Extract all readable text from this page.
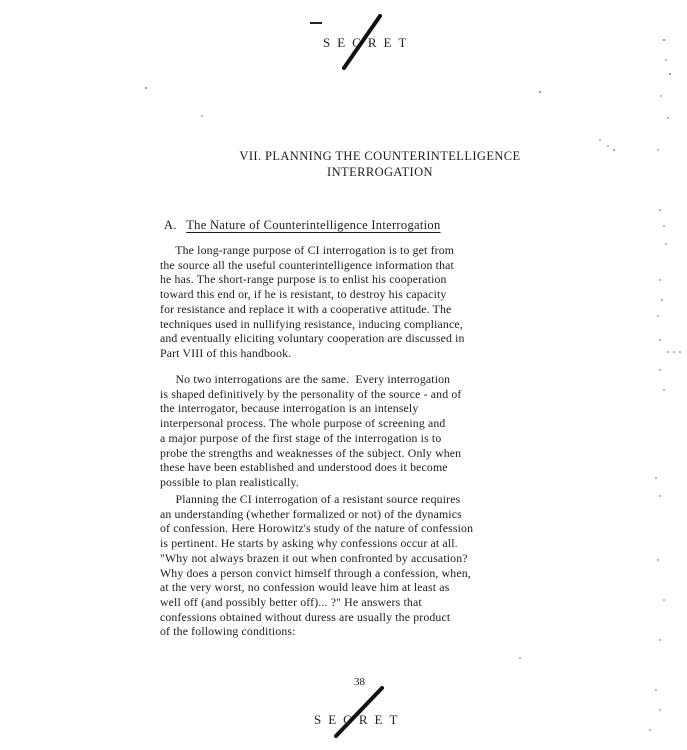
SECRET
VII. PLANNING THE COUNTERINTELLIGENCE
INTERROGATION
A. The Nature of Counterintelligence Interrogation

The long-range purpose of CI interrogation is to get from
the source all the useful counterintelligence information that
he has. The short-range purpose is to enlist his cooperation
toward this end or, if he is resistant, to destroy his capacity
for resistance and replace it with a cooperative attitude. The
techniques used in nullifying resistance, inducing compliance,
and eventually eliciting voluntary cooperation are discussed in
Part VIII of this handbook.

No two interrogations are the same.  Every interrogation
is shaped definitively by the personality of the source - and of
the interrogator, because interrogation is an intensely
interpersonal process. The whole purpose of screening and
a major purpose of the first stage of the interrogation is to
probe the strengths and weaknesses of the subject. Only when
these have been established and understood does it become
possible to plan realistically.

Planning the CI interrogation of a resistant source requires
an understanding (whether formalized or not) of the dynamics
of confession. Here Horowitz's study of the nature of confession
is pertinent. He starts by asking why confessions occur at all.
"Why not always brazen it out when confronted by accusation?
Why does a person convict himself through a confession, when,
at the very worst, no confession would leave him at least as
well off (and possibly better off)... ?" He answers that
confessions obtained without duress are usually the product
of the following conditions:

38
SECRET
